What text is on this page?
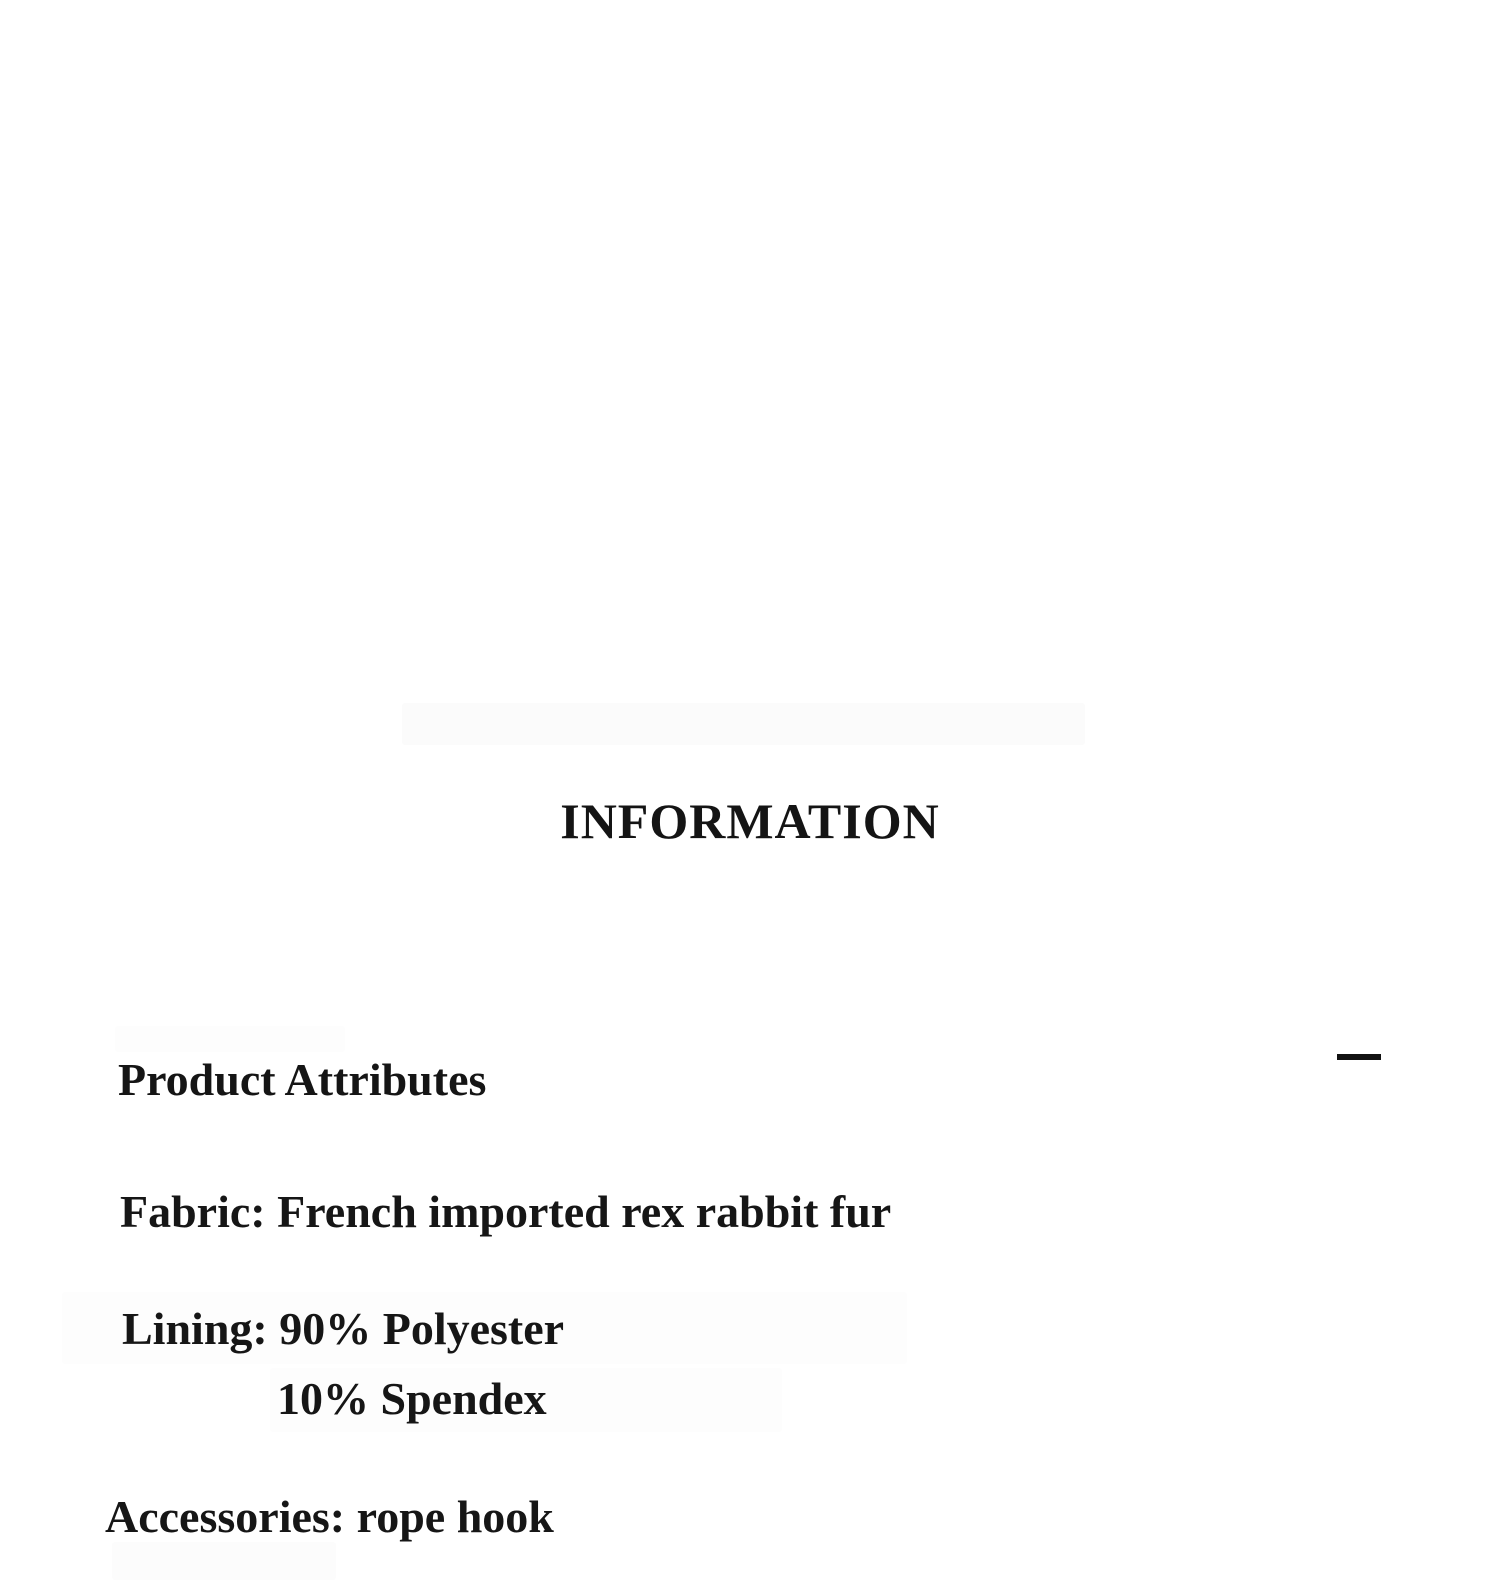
INFORMATION
Product Attributes
Fabric: French imported rex rabbit fur
Lining: 90% Polyester
10% Spendex
Accessories: rope hook
